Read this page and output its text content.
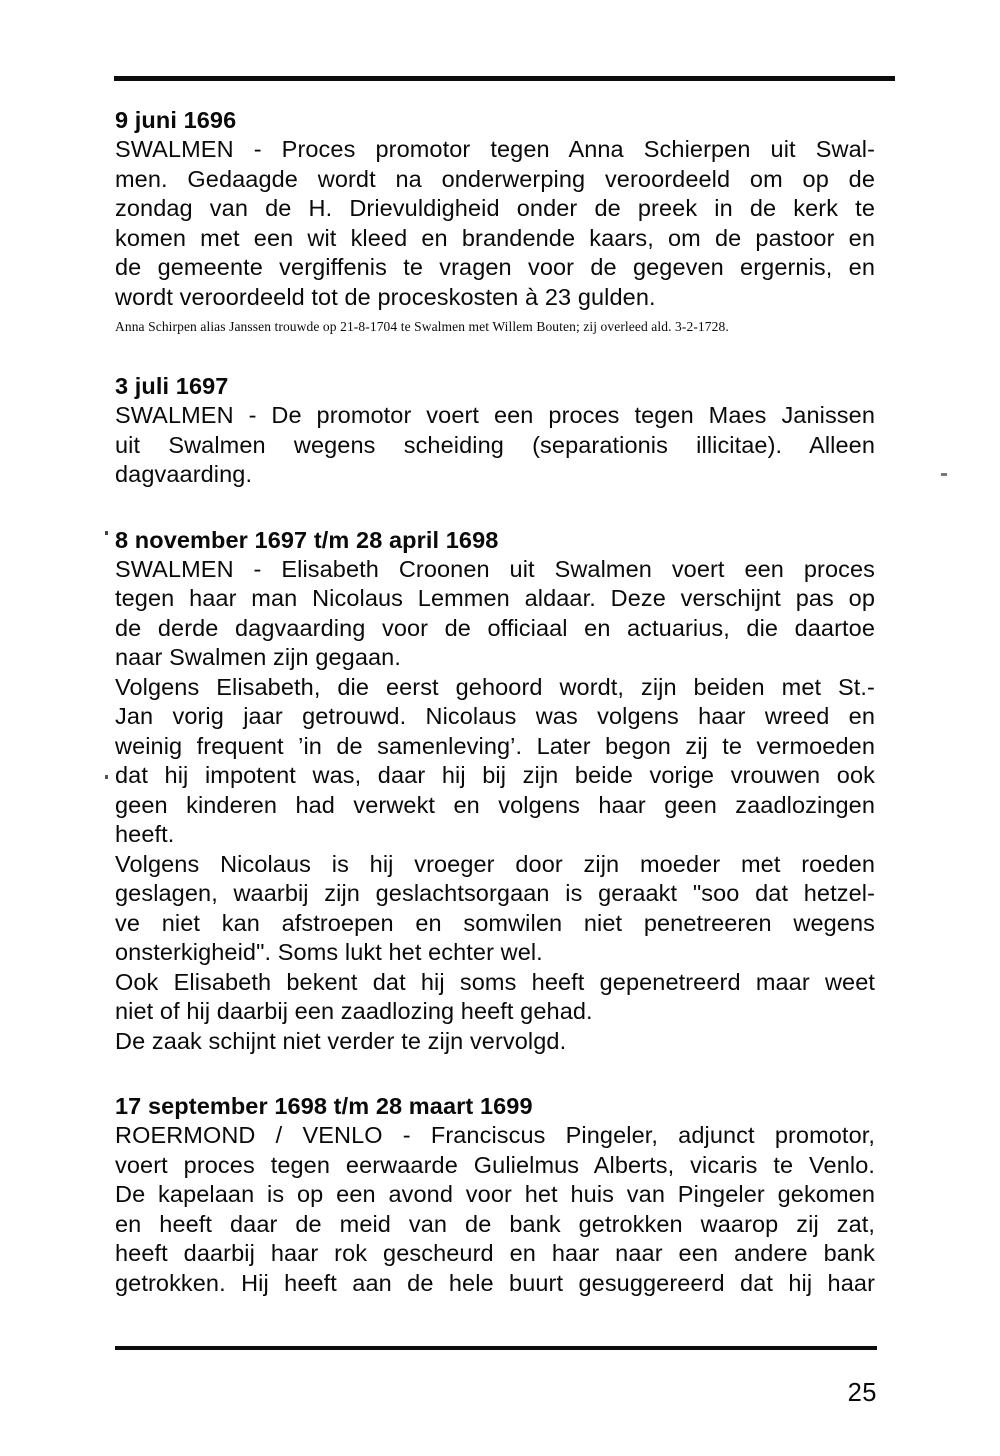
9 juni 1696
SWALMEN - Proces promotor tegen Anna Schierpen uit Swal-
men. Gedaagde wordt na onderwerping veroordeeld om op de
zondag van de H. Drievuldigheid onder de preek in de kerk te
komen met een wit kleed en brandende kaars, om de pastoor en
de gemeente vergiffenis te vragen voor de gegeven ergernis, en
wordt veroordeeld tot de proceskosten à 23 gulden.
Anna Schirpen alias Janssen trouwde op 21-8-1704 te Swalmen met Willem Bouten; zij overleed ald. 3-2-1728.
3 juli 1697
SWALMEN - De promotor voert een proces tegen Maes Janissen
uit Swalmen wegens scheiding (separationis illicitae). Alleen
dagvaarding.
8 november 1697 t/m 28 april 1698
SWALMEN - Elisabeth Croonen uit Swalmen voert een proces
tegen haar man Nicolaus Lemmen aldaar. Deze verschijnt pas op
de derde dagvaarding voor de officiaal en actuarius, die daartoe
naar Swalmen zijn gegaan.
Volgens Elisabeth, die eerst gehoord wordt, zijn beiden met St.-
Jan vorig jaar getrouwd. Nicolaus was volgens haar wreed en
weinig frequent ’in de samenleving’. Later begon zij te vermoeden
dat hij impotent was, daar hij bij zijn beide vorige vrouwen ook
geen kinderen had verwekt en volgens haar geen zaadlozingen
heeft.
Volgens Nicolaus is hij vroeger door zijn moeder met roeden
geslagen, waarbij zijn geslachtsorgaan is geraakt "soo dat hetzel-
ve niet kan afstroepen en somwilen niet penetreeren wegens
onsterkigheid". Soms lukt het echter wel.
Ook Elisabeth bekent dat hij soms heeft gepenetreerd maar weet
niet of hij daarbij een zaadlozing heeft gehad.
De zaak schijnt niet verder te zijn vervolgd.
17 september 1698 t/m 28 maart 1699
ROERMOND / VENLO - Franciscus Pingeler, adjunct promotor,
voert proces tegen eerwaarde Gulielmus Alberts, vicaris te Venlo.
De kapelaan is op een avond voor het huis van Pingeler gekomen
en heeft daar de meid van de bank getrokken waarop zij zat,
heeft daarbij haar rok gescheurd en haar naar een andere bank
getrokken. Hij heeft aan de hele buurt gesuggereerd dat hij haar
25
